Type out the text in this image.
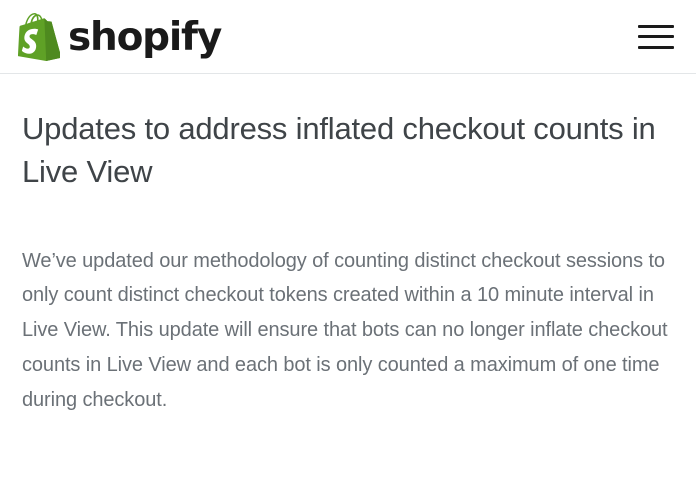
shopify
Updates to address inflated checkout counts in Live View

We’ve updated our methodology of counting distinct checkout sessions to only count distinct checkout tokens created within a 10 minute interval in Live View. This update will ensure that bots can no longer inflate checkout counts in Live View and each bot is only counted a maximum of one time during checkout.
